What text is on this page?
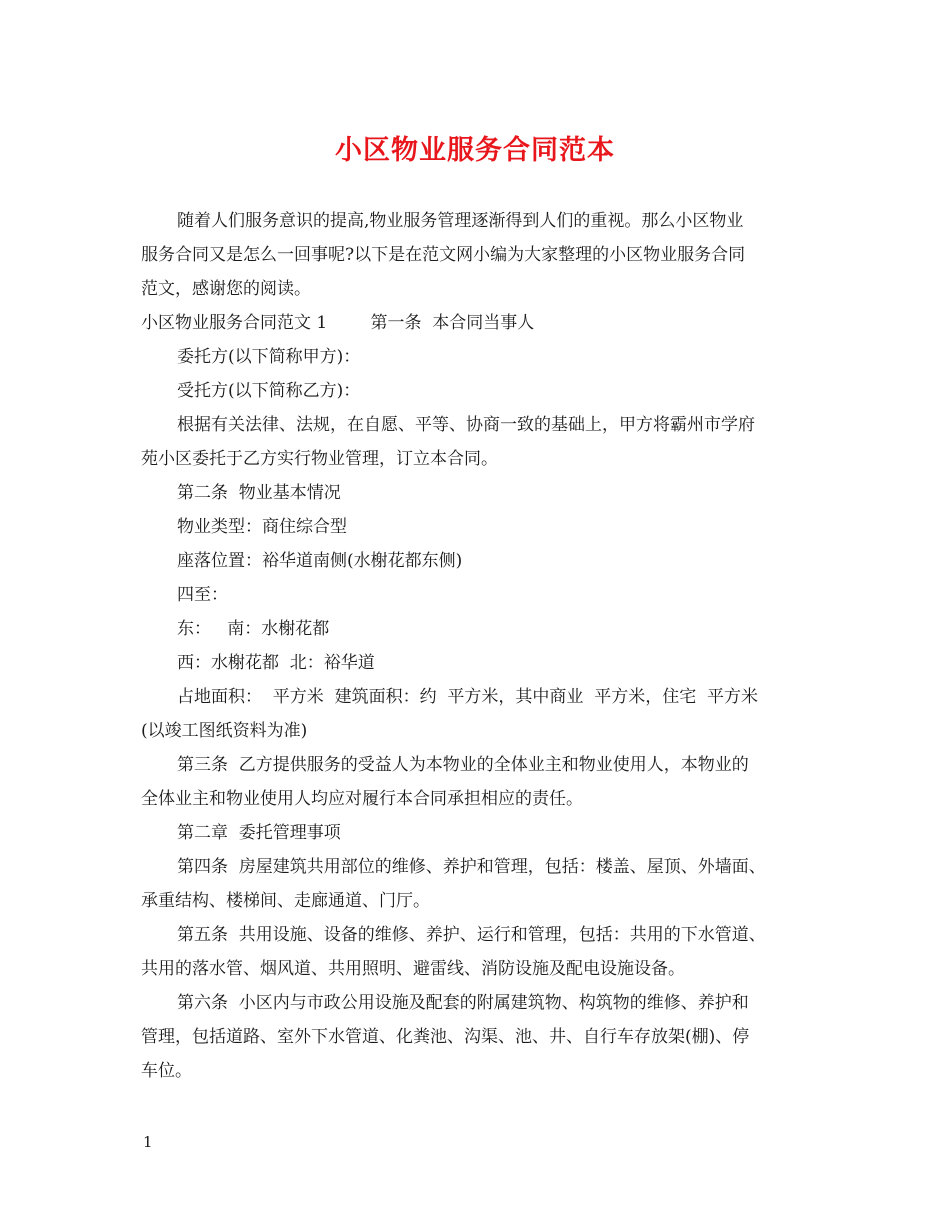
小区物业服务合同范本
随着人们服务意识的提高,物业服务管理逐渐得到人们的重视。那么小区物业
服务合同又是怎么一回事呢?以下是在范文网小编为大家整理的小区物业服务合同
范文，感谢您的阅读。
小区物业服务合同范文 1        第一条  本合同当事人
委托方(以下简称甲方)：
受托方(以下简称乙方)：
根据有关法律、法规，在自愿、平等、协商一致的基础上，甲方将霸州市学府
苑小区委托于乙方实行物业管理，订立本合同。
第二条  物业基本情况
物业类型：商住综合型
座落位置：裕华道南侧(水榭花都东侧)
四至：
东：   南：水榭花都
西：水榭花都  北：裕华道
占地面积：  平方米  建筑面积：约  平方米，其中商业  平方米，住宅  平方米
(以竣工图纸资料为准)
第三条  乙方提供服务的受益人为本物业的全体业主和物业使用人，本物业的
全体业主和物业使用人均应对履行本合同承担相应的责任。
第二章  委托管理事项
第四条  房屋建筑共用部位的维修、养护和管理，包括：楼盖、屋顶、外墙面、
承重结构、楼梯间、走廊通道、门厅。
第五条  共用设施、设备的维修、养护、运行和管理，包括：共用的下水管道、
共用的落水管、烟风道、共用照明、避雷线、消防设施及配电设施设备。
第六条  小区内与市政公用设施及配套的附属建筑物、构筑物的维修、养护和
管理，包括道路、室外下水管道、化粪池、沟渠、池、井、自行车存放架(棚)、停
车位。
1
